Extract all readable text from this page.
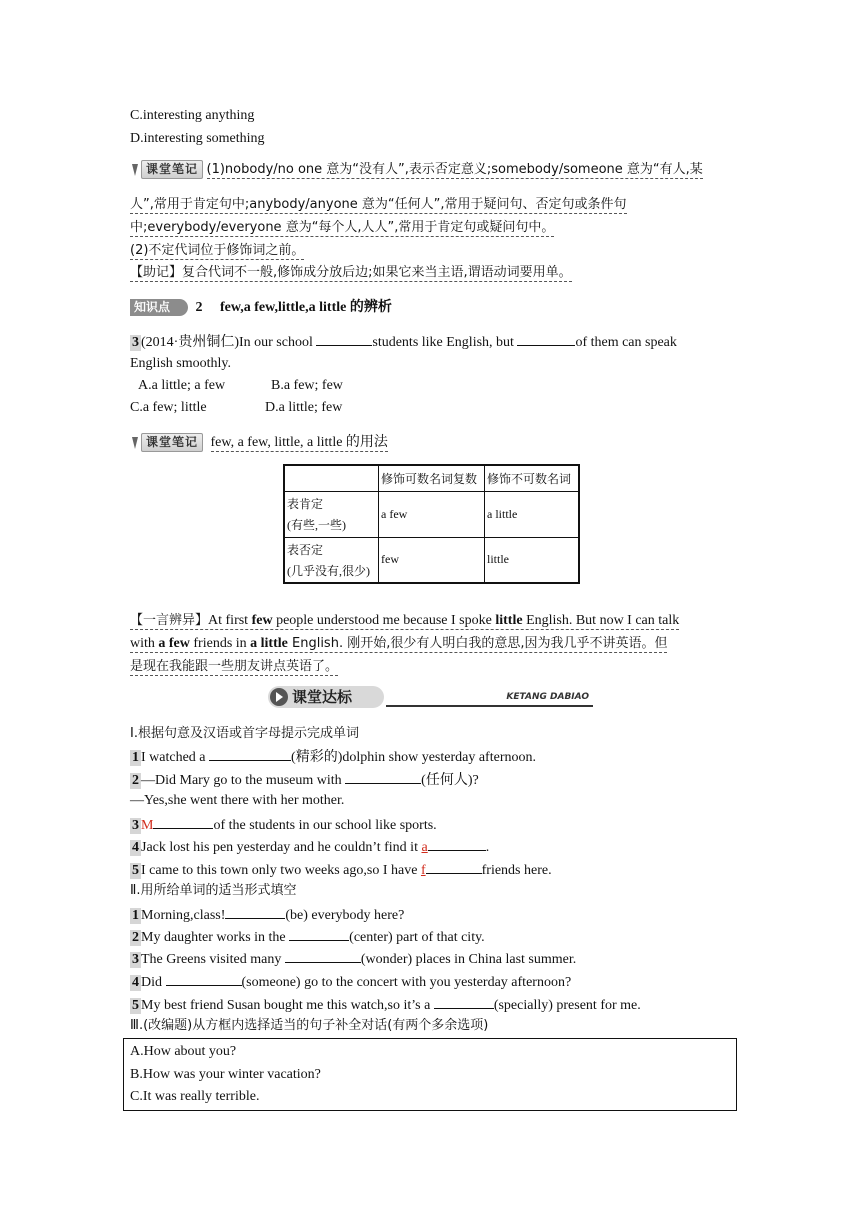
C.interesting anything
D.interesting something
课堂笔记 (1)nobody/no one 意为“没有人”,表示否定意义;somebody/someone 意为“有人,某
人”,常用于肯定句中;anybody/anyone 意为“任何人”,常用于疑问句、否定句或条件句
中;everybody/everyone 意为“每个人,人人”,常用于肯定句或疑问句中。
(2)不定代词位于修饰词之前。
【助记】复合代词不一般,修饰成分放后边;如果它来当主语,谓语动词要用单。
知识点 2 few,a few,little,a little 的辨析
3 (2014·贵州铜仁)In our school	students like English, but	of them can speak
English smoothly.
A.a little; a few	B.a few; few
C.a few; little	D.a little; few
课堂笔记 few, a few, little, a little 的用法
	修饰可数名词复数	修饰不可数名词

表肯定
(有些,一些)	a few	a little

表否定
(几乎没有,很少)	few	little
【一言辨异】At first few people understood me because I spoke little English. But now I can talk
with a few friends in a little English. 刚开始,很少有人明白我的意思,因为我几乎不讲英语。但
是现在我能跟一些朋友讲点英语了。
课堂达标	KETANG DABIAO
Ⅰ.根据句意及汉语或首字母提示完成单词
1 I watched a	(精彩的)dolphin show yesterday afternoon.
2 —Did Mary go to the museum with	(任何人)?
—Yes,she went there with her mother.
3 M	of the students in our school like sports.
4 Jack lost his pen yesterday and he couldn’t find it a	.
5 I came to this town only two weeks ago,so I have f	friends here.
Ⅱ.用所给单词的适当形式填空
1 Morning,class!	(be) everybody here?
2 My daughter works in the	(center) part of that city.
3 The Greens visited many	(wonder) places in China last summer.
4 Did	(someone) go to the concert with you yesterday afternoon?
5 My best friend Susan bought me this watch,so it’s a	(specially) present for me.
Ⅲ.(改编题)从方框内选择适当的句子补全对话(有两个多余选项)
A.How about you?
B.How was your winter vacation?
C.It was really terrible.
